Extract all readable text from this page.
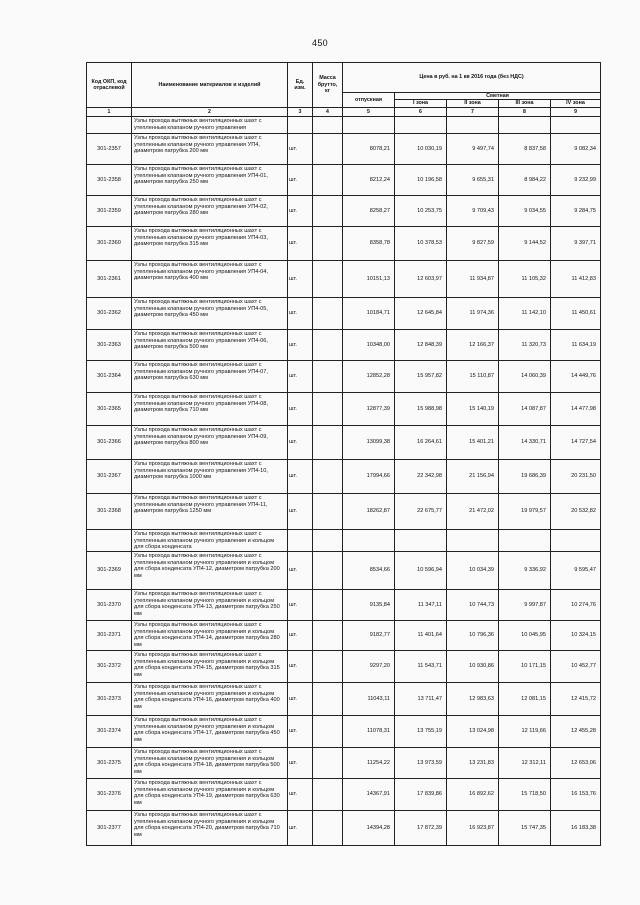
450
Код ОКП, код отраслевой	Наименование материалов и изделий	Ед. изм.	Масса брутто, кг	Цена в руб. на 1 кв 2016 года (без НДС)				
				отпускная	Сметная			
					I зона	II зона	III зона	IV зона
1	2	3	4	5	6	7	8	9
	Узлы прохода вытяжных вентиляционных шахт с утепленным клапаном ручного управления							
301-2357	Узлы прохода вытяжных вентиляционных шахт с утепленным клапаном ручного управления УП4, диаметром патрубка 200 мм	шт.		8078,21	10 030,19	9 497,74	8 837,58	9 082,34
301-2358	Узлы прохода вытяжных вентиляционных шахт с утепленным клапаном ручного управления УП4-01, диаметром патрубка 250 мм	шт.		8212,24	10 196,58	9 655,31	8 984,22	9 232,99
301-2359	Узлы прохода вытяжных вентиляционных шахт с утепленным клапаном ручного управления УП4-02, диаметром патрубка 280 мм	шт.		8258,27	10 253,75	9 709,43	9 034,55	9 284,75
301-2360	Узлы прохода вытяжных вентиляционных шахт с утепленным клапаном ручного управления УП4-03, диаметром патрубка 315 мм	шт.		8358,78	10 378,53	9 827,59	9 144,52	9 397,71
301-2361	Узлы прохода вытяжных вентиляционных шахт с утепленным клапаном ручного управления УП4-04, диаметром патрубка 400 мм	шт.		10151,13	12 603,97	11 934,87	11 105,32	11 412,83
301-2362	Узлы прохода вытяжных вентиляционных шахт с утепленным клапаном ручного управления УП4-05, диаметром патрубка 450 мм	шт.		10184,71	12 645,84	11 974,36	11 142,10	11 450,61
301-2363	Узлы прохода вытяжных вентиляционных шахт с утепленным клапаном ручного управления УП4-06, диаметром патрубка 500 мм	шт.		10348,00	12 848,39	12 166,37	11 320,73	11 634,19
301-2364	Узлы прохода вытяжных вентиляционных шахт с утепленным клапаном ручного управления УП4-07, диаметром патрубка 630 мм	шт.		12852,28	15 957,82	15 110,87	14 060,39	14 449,76
301-2365	Узлы прохода вытяжных вентиляционных шахт с утепленным клапаном ручного управления УП4-08, диаметром патрубка 710 мм	шт.		12877,39	15 988,98	15 140,19	14 087,87	14 477,98
301-2366	Узлы прохода вытяжных вентиляционных шахт с утепленным клапаном ручного управления УП4-09, диаметром патрубка 800 мм	шт.		13099,38	16 264,61	15 401,21	14 330,71	14 727,54
301-2367	Узлы прохода вытяжных вентиляционных шахт с утепленным клапаном ручного управления УП4-10, диаметром патрубка 1000 мм	шт.		17994,66	22 342,98	21 156,94	19 686,39	20 231,50
301-2368	Узлы прохода вытяжных вентиляционных шахт с утепленным клапаном ручного управления УП4-11, диаметром патрубка 1250 мм	шт.		18262,87	22 675,77	21 472,02	19 979,57	20 532,82
	Узлы прохода вытяжных вентиляционных шахт с утепленным клапаном ручного управления и кольцом для сбора конденсата							
301-2369	Узлы прохода вытяжных вентиляционных шахт с утепленным клапаном ручного управления и кольцом для сбора конденсата УП4-12, диаметром патрубка 200 мм	шт.		8534,66	10 596,94	10 034,39	9 336,92	9 595,47
301-2370	Узлы прохода вытяжных вентиляционных шахт с утепленным клапаном ручного управления и кольцом для сбора конденсата УП4-13, диаметром патрубка 250 мм	шт.		9135,84	11 347,11	10 744,73	9 997,87	10 274,76
301-2371	Узлы прохода вытяжных вентиляционных шахт с утепленным клапаном ручного управления и кольцом для сбора конденсата УП4-14, диаметром патрубка 280 мм	шт.		9182,77	11 401,64	10 796,36	10 045,95	10 324,15
301-2372	Узлы прохода вытяжных вентиляционных шахт с утепленным клапаном ручного управления и кольцом для сбора конденсата УП4-15, диаметром патрубка 315 мм	шт.		9297,20	11 543,71	10 930,86	10 171,15	10 452,77
301-2373	Узлы прохода вытяжных вентиляционных шахт с утепленным клапаном ручного управления и кольцом для сбора конденсата УП4-16, диаметром патрубка 400 мм	шт.		11043,11	13 711,47	12 983,63	12 081,15	12 415,72
301-2374	Узлы прохода вытяжных вентиляционных шахт с утепленным клапаном ручного управления и кольцом для сбора конденсата УП4-17, диаметром патрубка 450 мм	шт.		11078,31	13 755,19	13 024,98	12 119,66	12 455,28
301-2375	Узлы прохода вытяжных вентиляционных шахт с утепленным клапаном ручного управления и кольцом для сбора конденсата УП4-18, диаметром патрубка 500 мм	шт.		11254,22	13 973,59	13 231,83	12 312,11	12 653,06
301-2376	Узлы прохода вытяжных вентиляционных шахт с утепленным клапаном ручного управления и кольцом для сбора конденсата УП4-19, диаметром патрубка 630 мм	шт.		14367,91	17 839,86	16 892,62	15 718,50	16 153,76
301-2377	Узлы прохода вытяжных вентиляционных шахт с утепленным клапаном ручного управления и кольцом для сбора конденсата УП4-20, диаметром патрубка 710 мм	шт.		14394,28	17 872,39	16 923,87	15 747,35	16 183,38
